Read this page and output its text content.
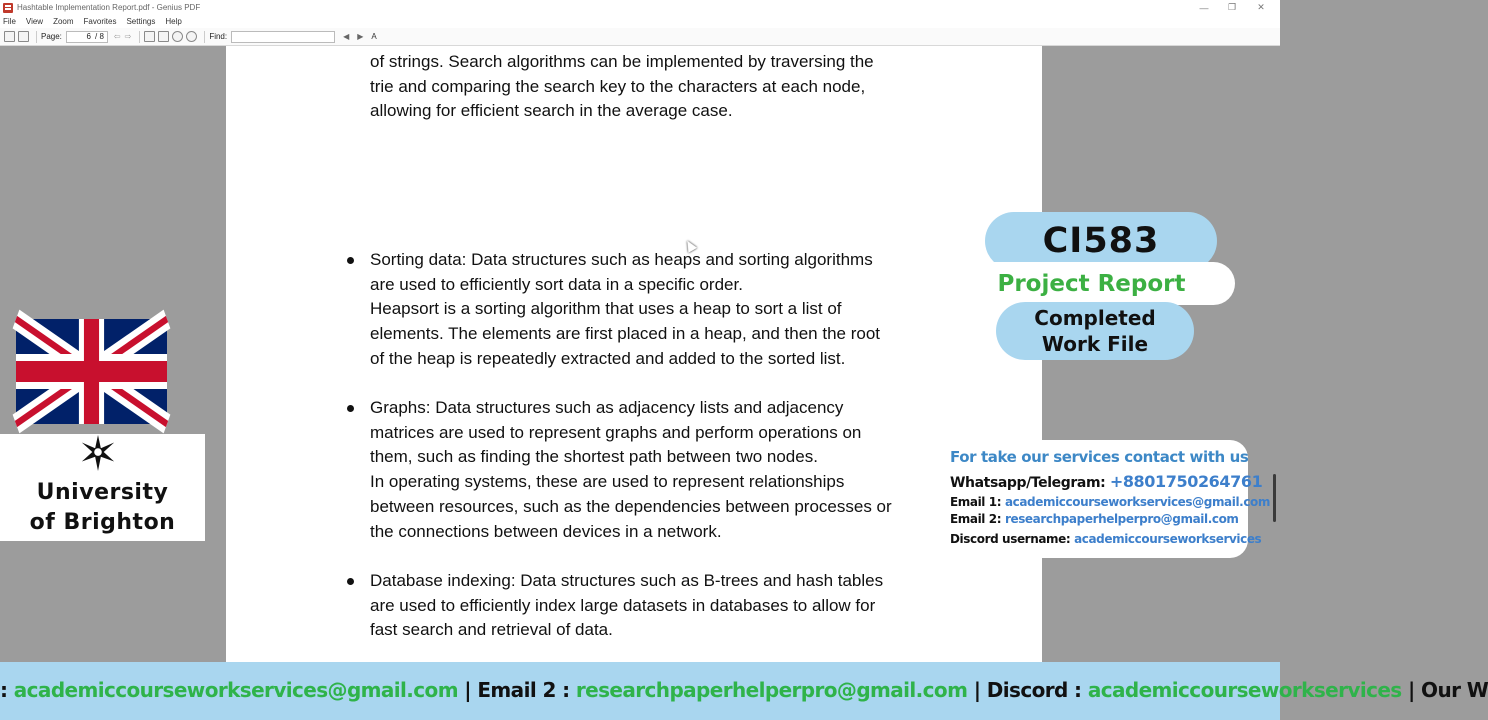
Hashtable Implementation Report.pdf - Genius PDF	—	❐	✕
File View Zoom Favorites Settings Help
Page:	6 / 8 ⇦ ⇨	Find:	◀ ▶ A
of strings. Search algorithms can be implemented by traversing the
trie and comparing the search key to the characters at each node,
allowing for efficient search in the average case.
Sorting data: Data structures such as heaps and sorting algorithms
are used to efficiently sort data in a specific order.
Heapsort is a sorting algorithm that uses a heap to sort a list of
elements. The elements are first placed in a heap, and then the root
of the heap is repeatedly extracted and added to the sorted list.
Graphs: Data structures such as adjacency lists and adjacency
matrices are used to represent graphs and perform operations on
them, such as finding the shortest path between two nodes.
In operating systems, these are used to represent relationships
between resources, such as the dependencies between processes or
the connections between devices in a network.
Database indexing: Data structures such as B-trees and hash tables
are used to efficiently index large datasets in databases to allow for
fast search and retrieval of data.
University
of Brighton
CI583
Project Report
Completed
Work File
For take our services contact with us
Whatsapp/Telegram: +8801750264761
Email 1: academiccourseworkservices@gmail.com
Email 2: researchpaperhelperpro@gmail.com
Discord username: academiccourseworkservices
: academiccourseworkservices@gmail.com | Email 2 : researchpaperhelperpro@gmail.com | Discord : academiccourseworkservices | Our W
